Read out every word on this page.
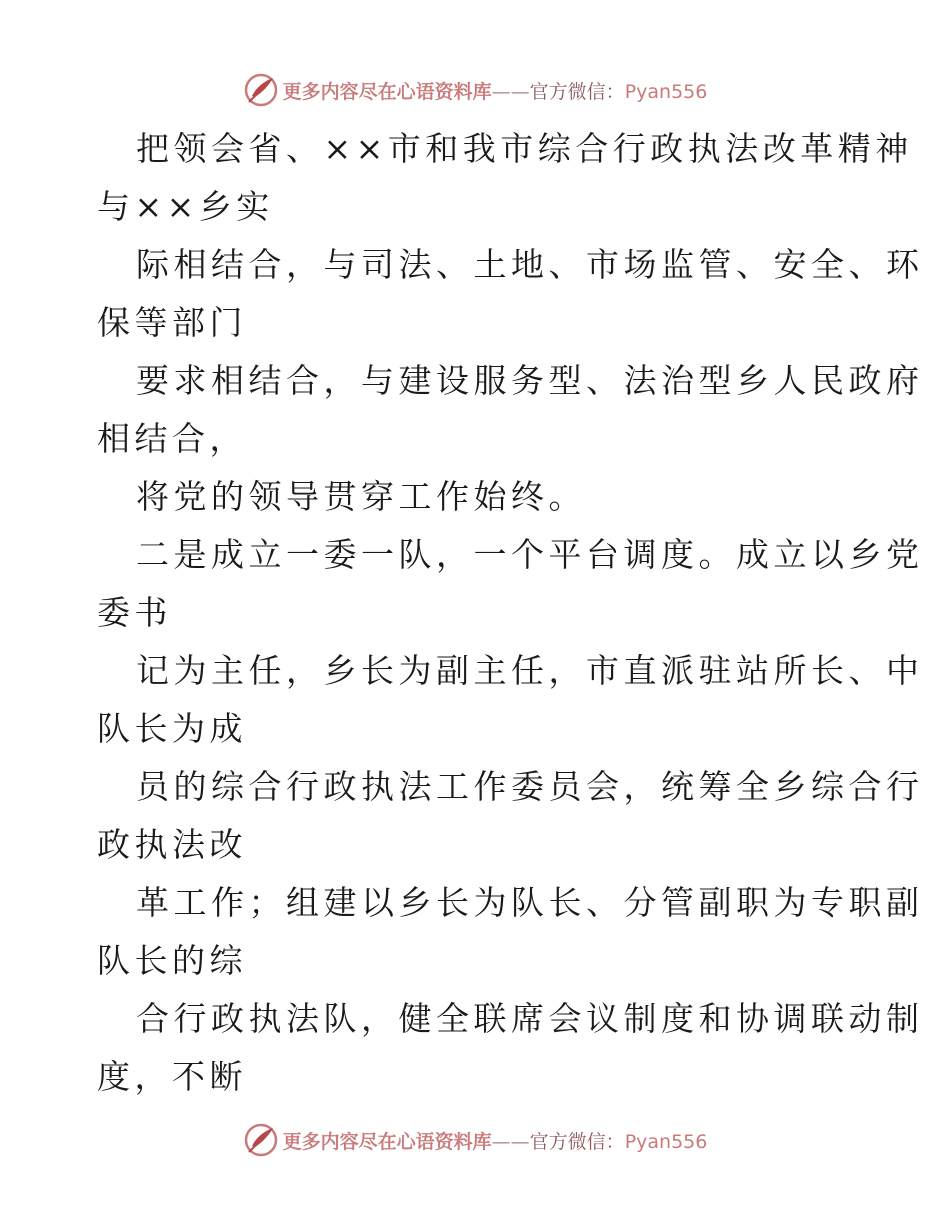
更多内容尽在心语资料库——官方微信：Pyan556
把领会省、××市和我市综合行政执法改革精神
与××乡实
际相结合，与司法、土地、市场监管、安全、环
保等部门
要求相结合，与建设服务型、法治型乡人民政府
相结合，
将党的领导贯穿工作始终。
二是成立一委一队，一个平台调度。成立以乡党
委书
记为主任，乡长为副主任，市直派驻站所长、中
队长为成
员的综合行政执法工作委员会，统筹全乡综合行
政执法改
革工作；组建以乡长为队长、分管副职为专职副
队长的综
合行政执法队，健全联席会议制度和协调联动制
度，不断
更多内容尽在心语资料库——官方微信：Pyan556
